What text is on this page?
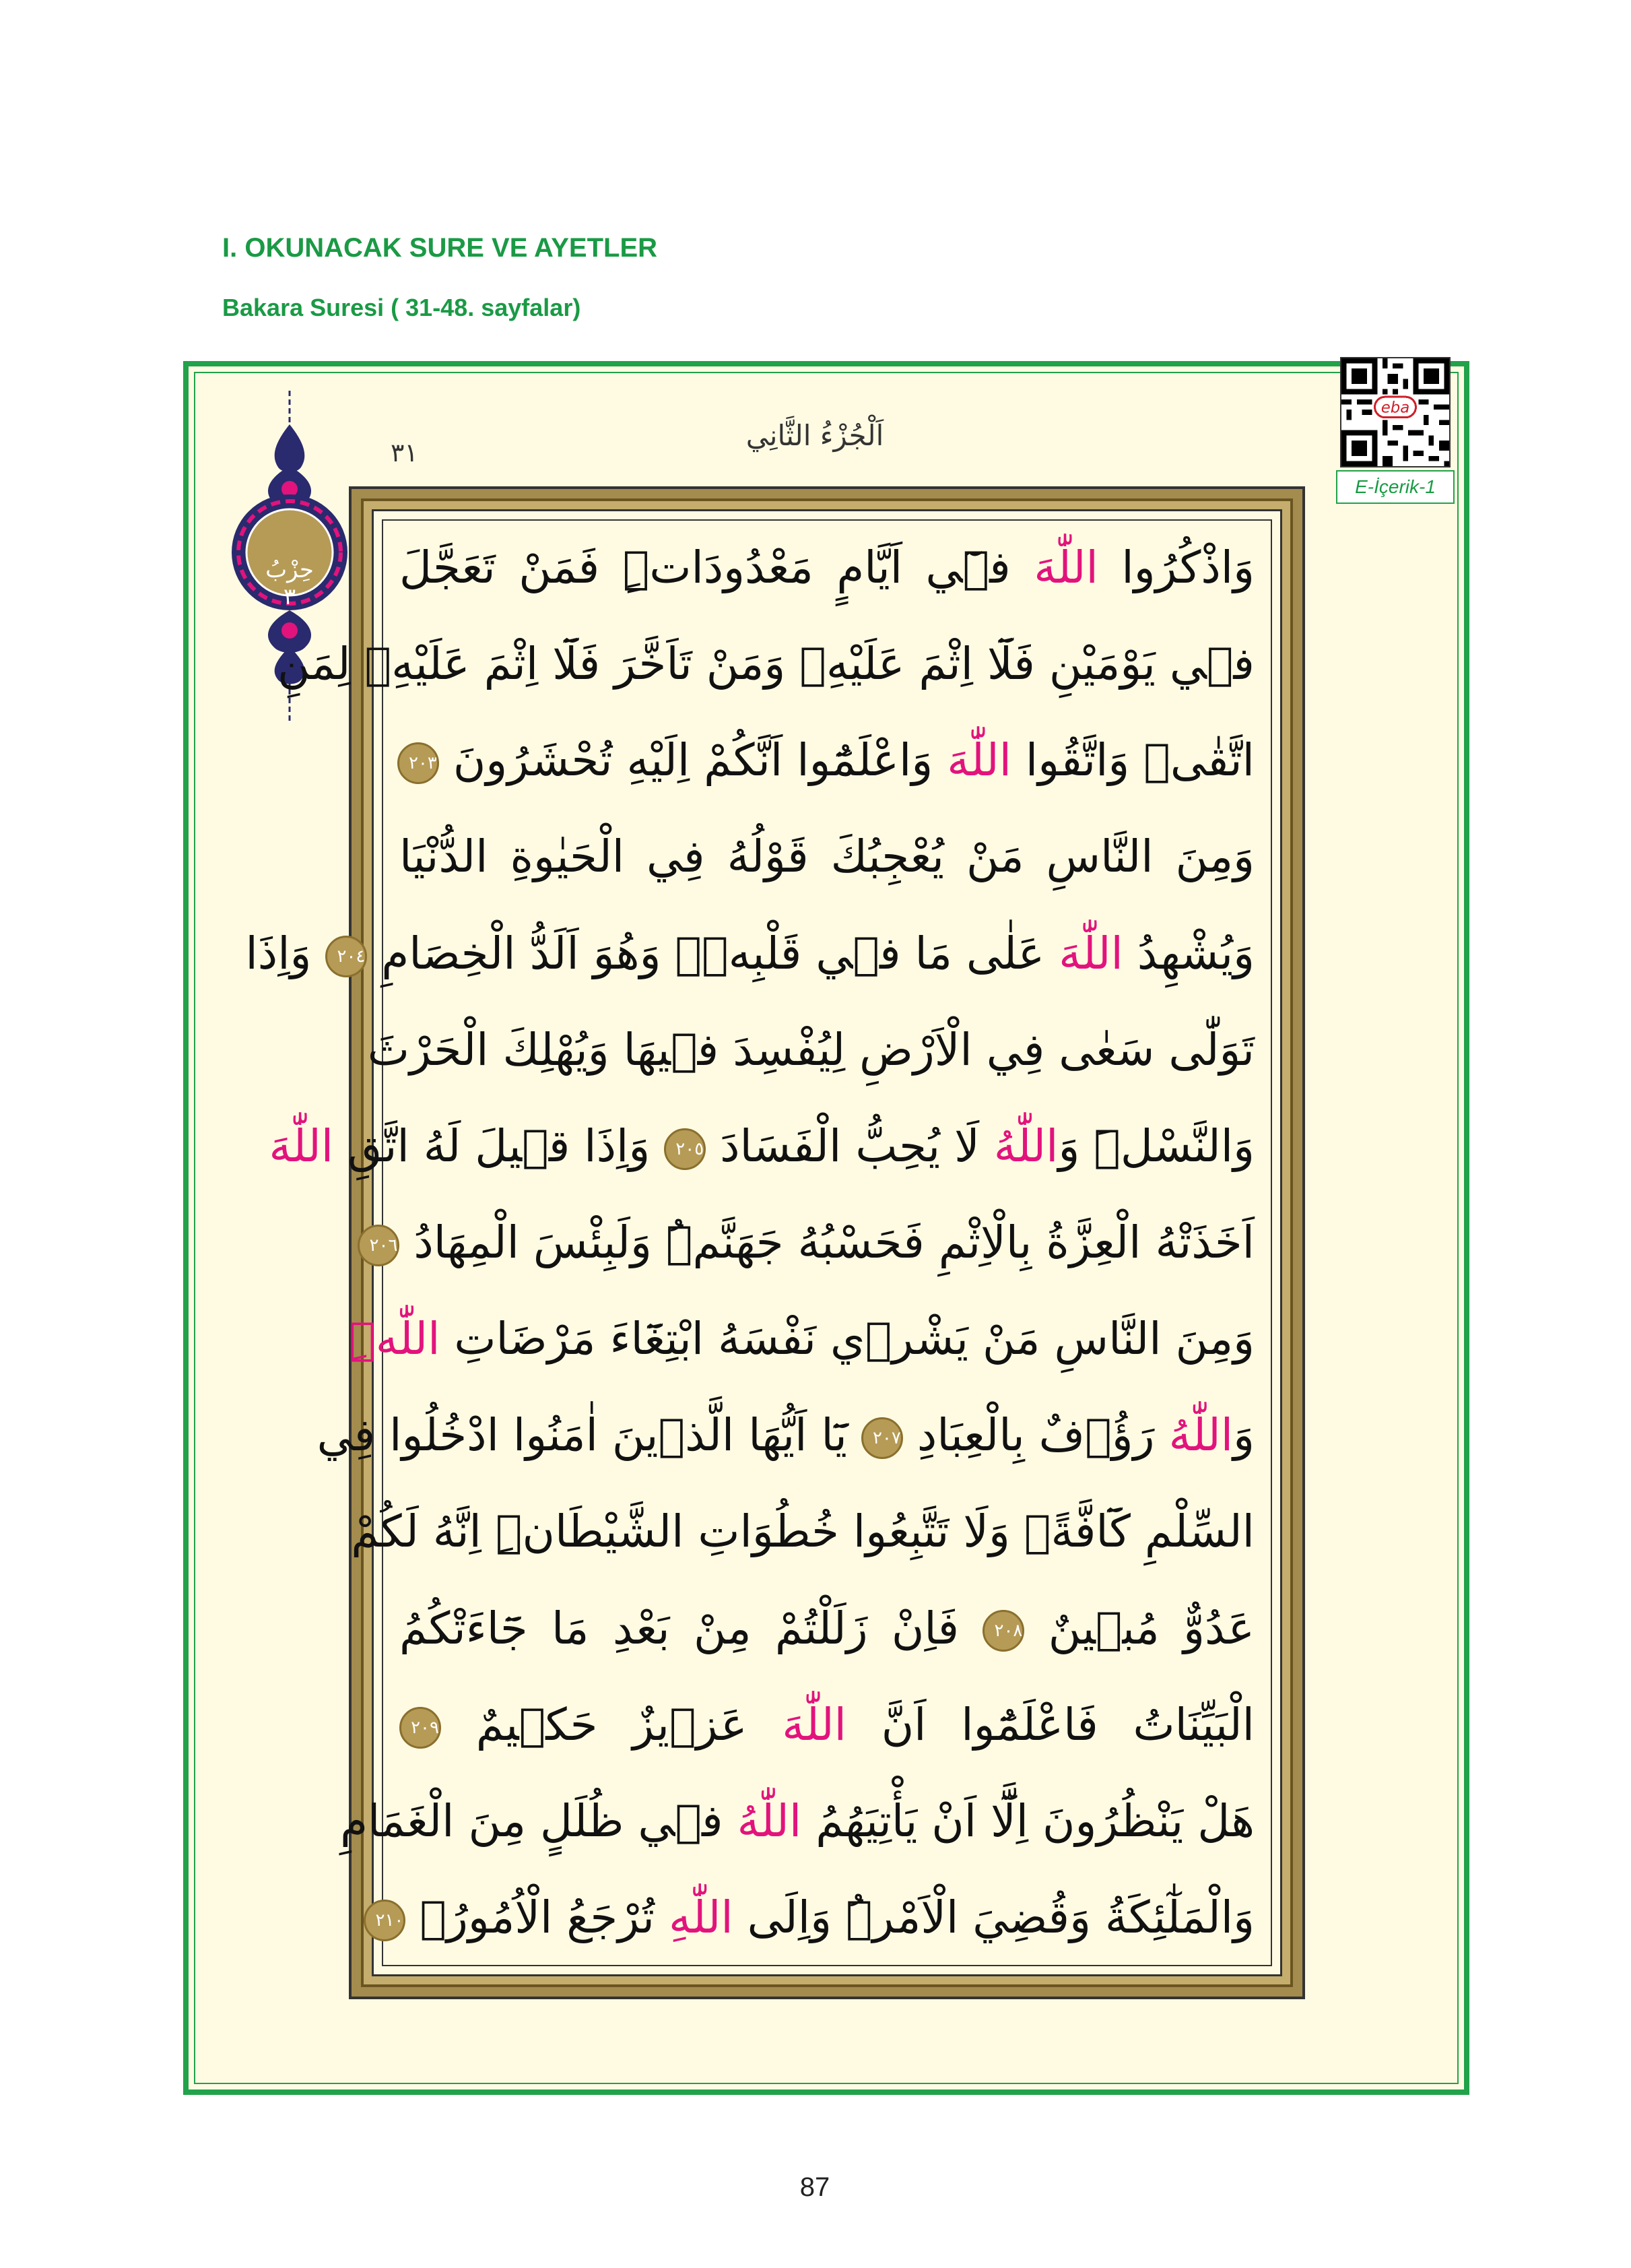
I. OKUNACAK SURE VE AYETLER
Bakara Suresi ( 31-48. sayfalar)
eba
E-İçerik-1
اَلْجُزْءُ الثَّانِي
٣١
حِزْبُ
٣
وَاذْكُرُوا اللّٰهَ ف۪ٓي اَيَّامٍ مَعْدُودَاتٍۜ فَمَنْ تَعَجَّلَ
ف۪ي يَوْمَيْنِ فَلَٓا اِثْمَ عَلَيْهِۚ وَمَنْ تَاَخَّرَ فَلَٓا اِثْمَ عَلَيْهِۙ لِمَنِ
اتَّقٰىۜ وَاتَّقُوا اللّٰهَ وَاعْلَمُٓوا اَنَّكُمْ اِلَيْهِ تُحْشَرُونَ ٢٠٣
وَمِنَ النَّاسِ مَنْ يُعْجِبُكَ قَوْلُهُ فِي الْحَيٰوةِ الدُّنْيَا
وَيُشْهِدُ اللّٰهَ عَلٰى مَا ف۪ي قَلْبِه۪ۙ وَهُوَ اَلَدُّ الْخِصَامِ ٢٠٤ وَاِذَا
تَوَلّٰى سَعٰى فِي الْاَرْضِ لِيُفْسِدَ ف۪يهَا وَيُهْلِكَ الْحَرْثَ
وَالنَّسْلَۜ وَاللّٰهُ لَا يُحِبُّ الْفَسَادَ ٢٠٥ وَاِذَا ق۪يلَ لَهُ اتَّقِ اللّٰهَ
اَخَذَتْهُ الْعِزَّةُ بِالْاِثْمِ فَحَسْبُهُ جَهَنَّمُۜ وَلَبِئْسَ الْمِهَادُ ٢٠٦
وَمِنَ النَّاسِ مَنْ يَشْر۪ي نَفْسَهُ ابْتِغَٓاءَ مَرْضَاتِ اللّٰهِۜ
وَاللّٰهُ رَؤُ۫فٌ بِالْعِبَادِ ٢٠٧ يَٓا اَيُّهَا الَّذ۪ينَ اٰمَنُوا ادْخُلُوا فِي
السِّلْمِ كَٓافَّةًۖ وَلَا تَتَّبِعُوا خُطُوَاتِ الشَّيْطَانِۜ اِنَّهُ لَكُمْ
عَدُوٌّ مُب۪ينٌ ٢٠٨ فَاِنْ زَلَلْتُمْ مِنْ بَعْدِ مَا جَٓاءَتْكُمُ
الْبَيِّنَاتُ فَاعْلَمُٓوا اَنَّ اللّٰهَ عَز۪يزٌ حَك۪يمٌ ٢٠٩
هَلْ يَنْظُرُونَ اِلَّٓا اَنْ يَأْتِيَهُمُ اللّٰهُ ف۪ي ظُلَلٍ مِنَ الْغَمَامِ
وَالْمَلٰٓئِكَةُ وَقُضِيَ الْاَمْرُۜ وَاِلَى اللّٰهِ تُرْجَعُ الْاُمُورُ۟ ٢١٠
87
